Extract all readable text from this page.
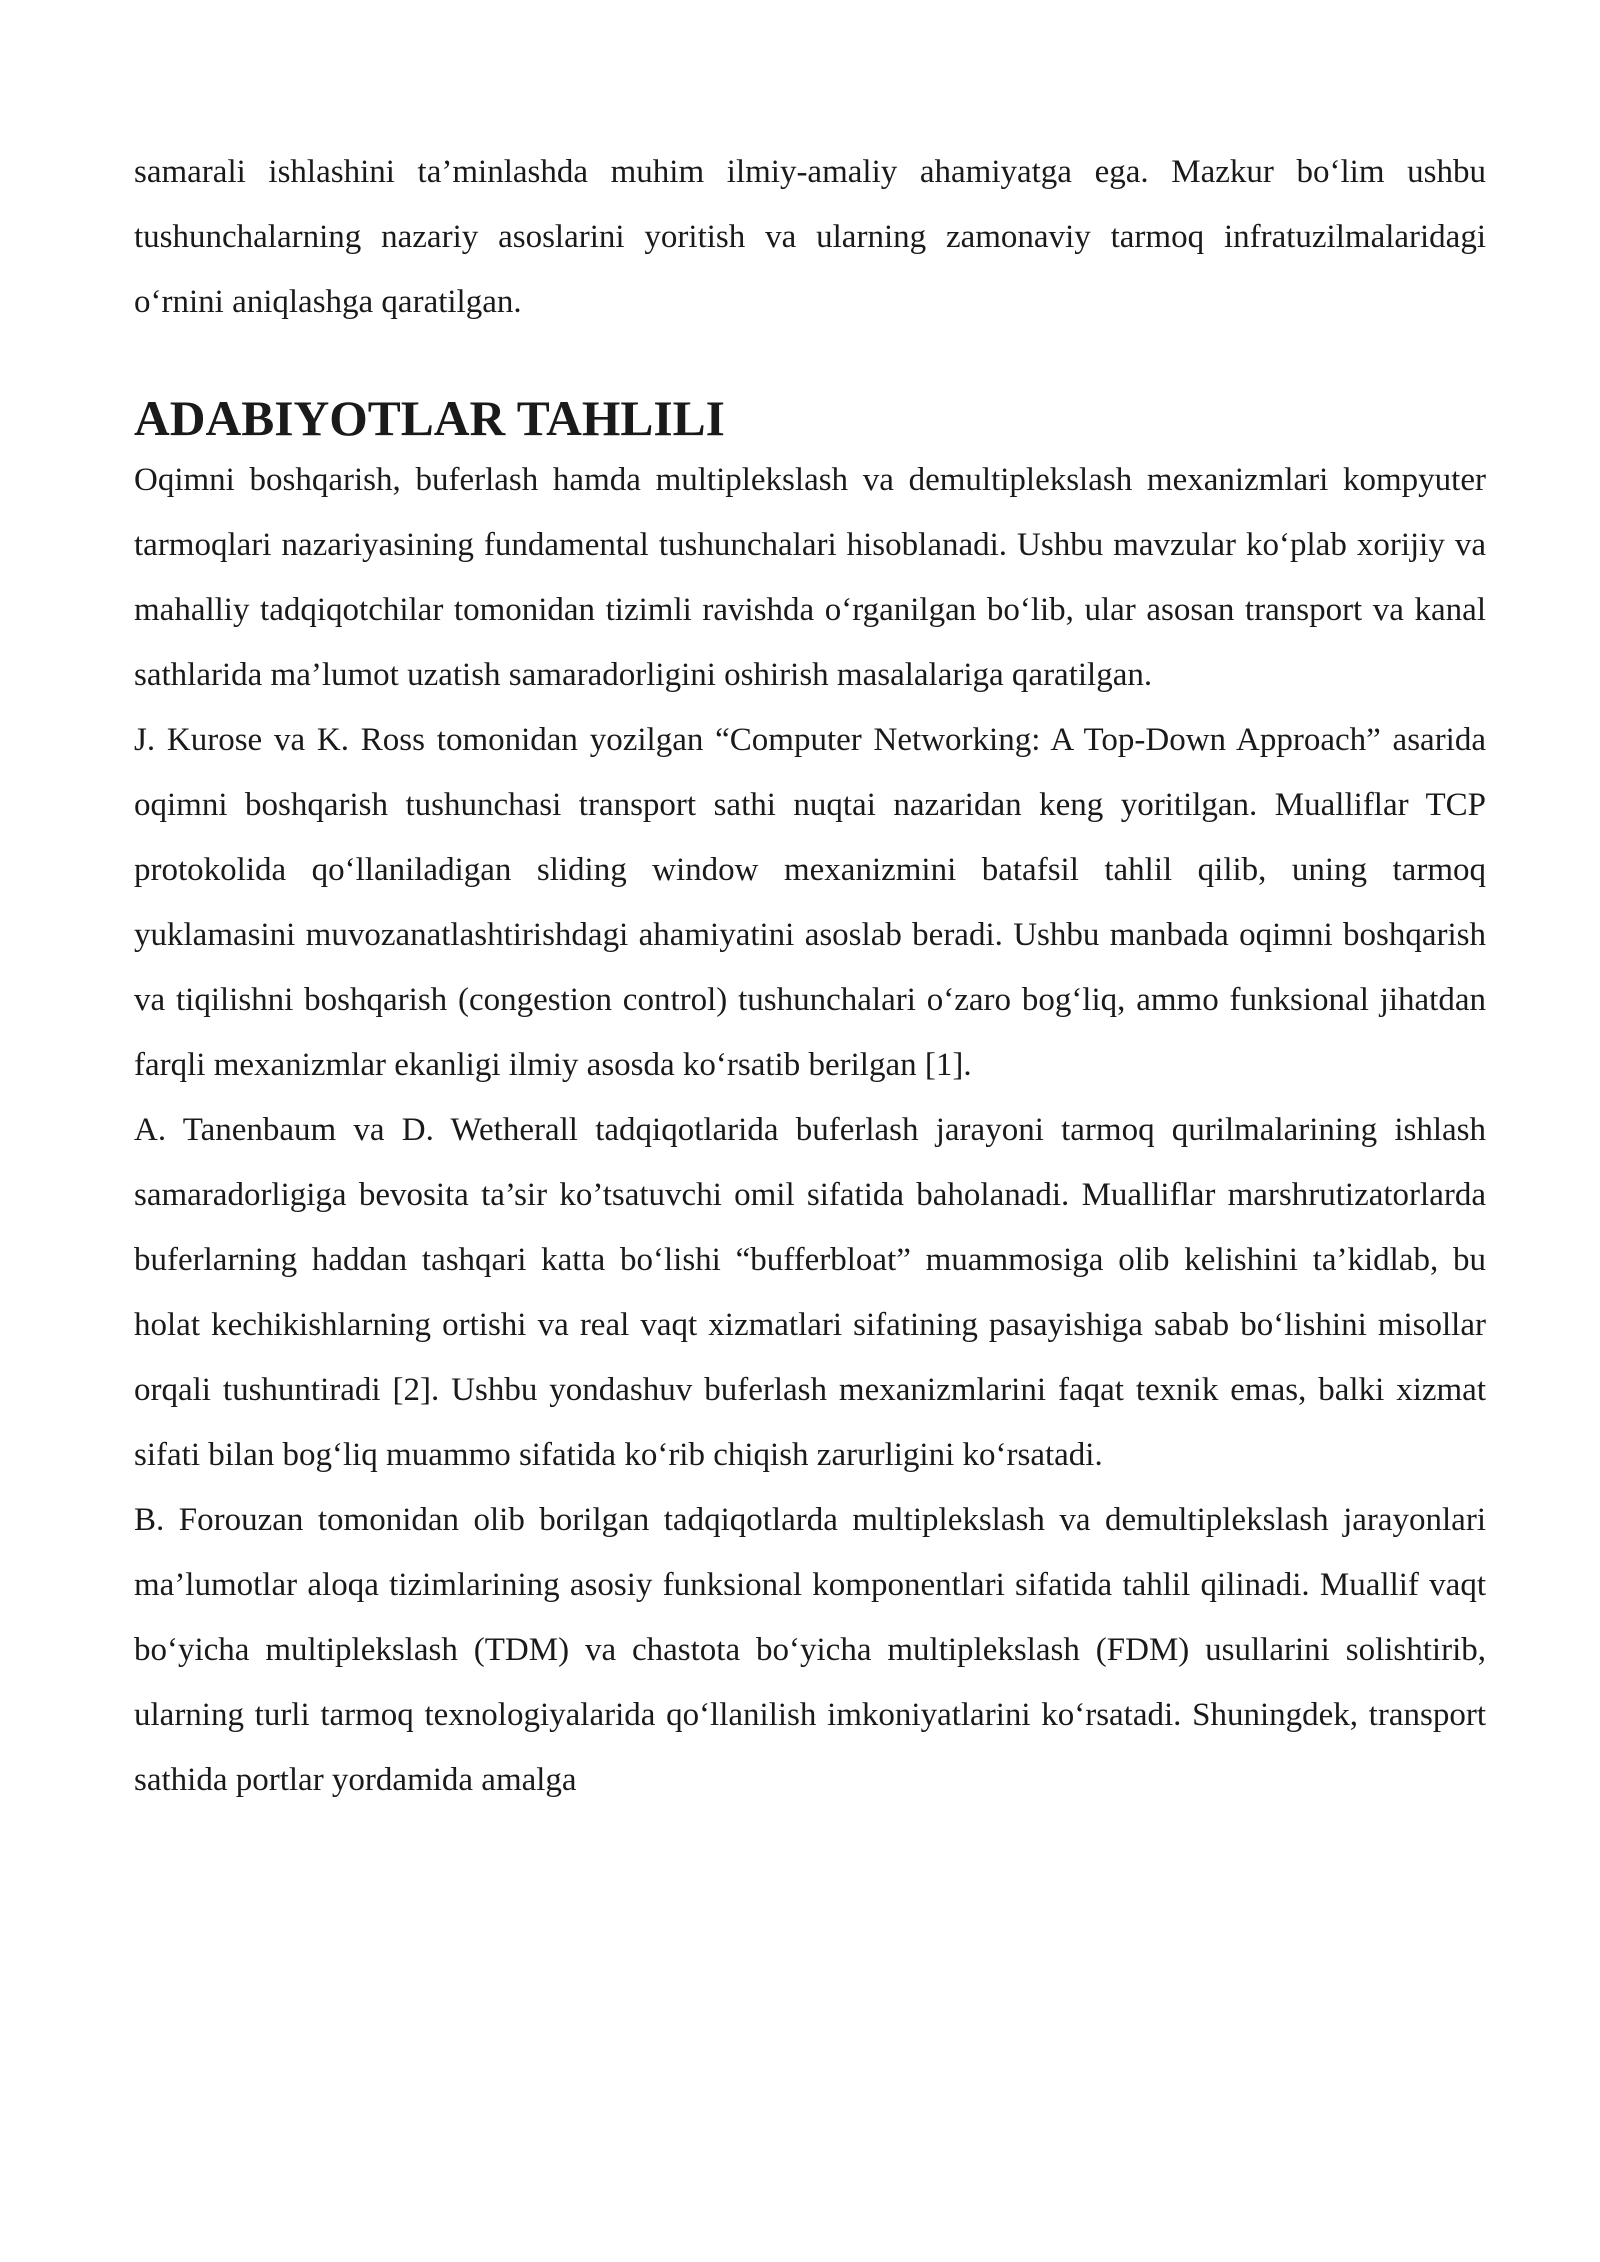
samarali ishlashini ta’minlashda muhim ilmiy-amaliy ahamiyatga ega. Mazkur bo‘lim ushbu tushunchalarning nazariy asoslarini yoritish va ularning zamonaviy tarmoq infratuzilmalaridagi o‘rnini aniqlashga qaratilgan.

ADABIYOTLAR TAHLILI

Oqimni boshqarish, buferlash hamda multiplekslash va demultiplekslash mexanizmlari kompyuter tarmoqlari nazariyasining fundamental tushunchalari hisoblanadi. Ushbu mavzular ko‘plab xorijiy va mahalliy tadqiqotchilar tomonidan tizimli ravishda o‘rganilgan bo‘lib, ular asosan transport va kanal sathlarida ma’lumot uzatish samaradorligini oshirish masalalariga qaratilgan.

J. Kurose va K. Ross tomonidan yozilgan “Computer Networking: A Top-Down Approach” asarida oqimni boshqarish tushunchasi transport sathi nuqtai nazaridan keng yoritilgan. Mualliflar TCP protokolida qo‘llaniladigan sliding window mexanizmini batafsil tahlil qilib, uning tarmoq yuklamasini muvozanatlashtirishdagi ahamiyatini asoslab beradi. Ushbu manbada oqimni boshqarish va tiqilishni boshqarish (congestion control) tushunchalari o‘zaro bog‘liq, ammo funksional jihatdan farqli mexanizmlar ekanligi ilmiy asosda ko‘rsatib berilgan [1].

A. Tanenbaum va D. Wetherall tadqiqotlarida buferlash jarayoni tarmoq qurilmalarining ishlash samaradorligiga bevosita ta’sir ko’tsatuvchi omil sifatida baholanadi. Mualliflar marshrutizatorlarda buferlarning haddan tashqari katta bo‘lishi “bufferbloat” muammosiga olib kelishini ta’kidlab, bu holat kechikishlarning ortishi va real vaqt xizmatlari sifatining pasayishiga sabab bo‘lishini misollar orqali tushuntiradi [2]. Ushbu yondashuv buferlash mexanizmlarini faqat texnik emas, balki xizmat sifati bilan bog‘liq muammo sifatida ko‘rib chiqish zarurligini ko‘rsatadi.

B. Forouzan tomonidan olib borilgan tadqiqotlarda multiplekslash va demultiplekslash jarayonlari ma’lumotlar aloqa tizimlarining asosiy funksional komponentlari sifatida tahlil qilinadi. Muallif vaqt bo‘yicha multiplekslash (TDM) va chastota bo‘yicha multiplekslash (FDM) usullarini solishtirib, ularning turli tarmoq texnologiyalarida qo‘llanilish imkoniyatlarini ko‘rsatadi. Shuningdek, transport sathida portlar yordamida amalga
